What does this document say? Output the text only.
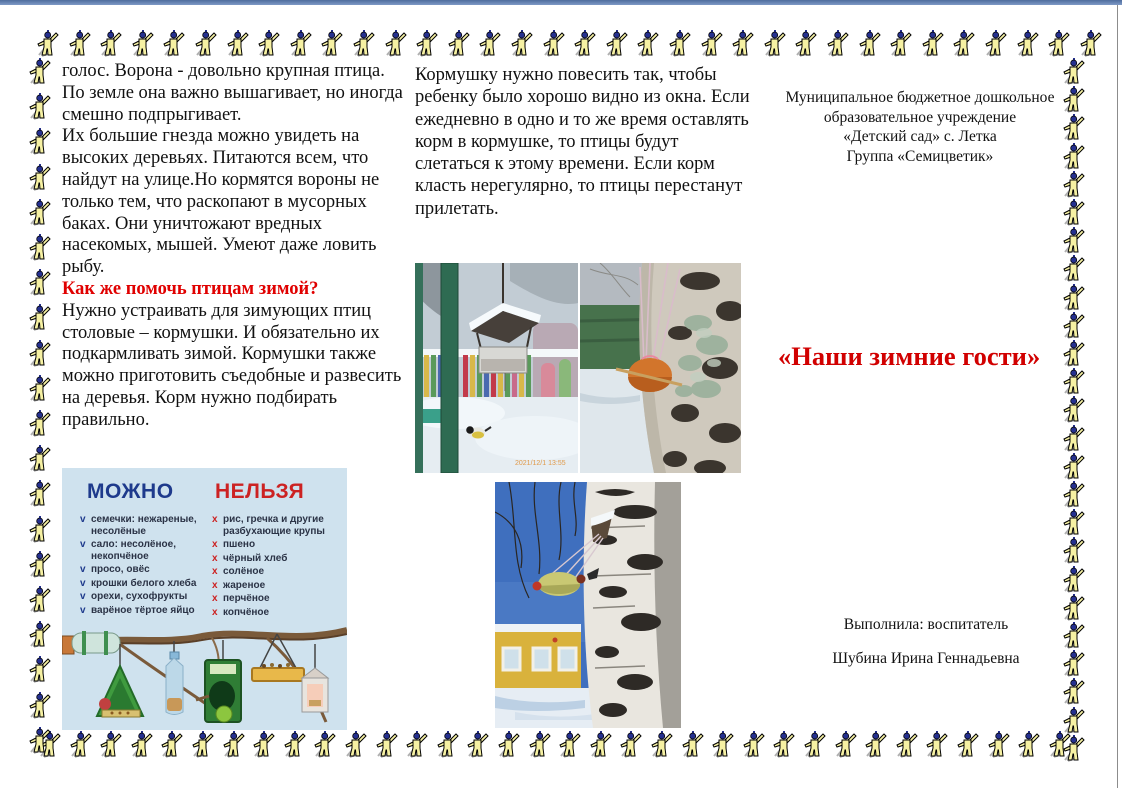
голос. Ворона - довольно крупная птица. По земле она важно вышагивает, но иногда смешно подпрыгивает.

Их большие гнезда можно увидеть на высоких деревьях. Питаются всем, что найдут на улице.Но кормятся вороны не только тем, что раскопают в мусорных баках. Они уничтожают вредных насекомых, мышей. Умеют даже ловить рыбу.

Как же помочь птицам зимой?

Нужно устраивать для зимующих птиц столовые – кормушки. И обязательно их подкармливать зимой. Кормушки также можно приготовить съедобные и развесить на деревья. Корм нужно подбирать правильно.

МОЖНО НЕЛЬЗЯ
v семечки: нежареные, несолёные
v сало: несолёное, некопчёное
v просо, овёс
v крошки белого хлеба
v орехи, сухофрукты
v варёное тёртое яйцо
x рис, гречка и другие разбухающие крупы
x пшено
x чёрный хлеб
x солёное
x жареное
x перчёное
x копчёное

Кормушку нужно повесить так, чтобы ребенку было хорошо видно из окна. Если ежедневно в одно и то же время оставлять корм в кормушке, то птицы будут слетаться к этому времени. Если корм класть нерегулярно, то птицы перестанут прилетать.

2021/12/1 13:55
Муниципальное бюджетное дошкольное
образовательное учреждение
«Детский сад» с. Летка
Группа «Семицветик»
«Наши зимние гости»
Выполнила: воспитатель
Шубина Ирина Геннадьевна
